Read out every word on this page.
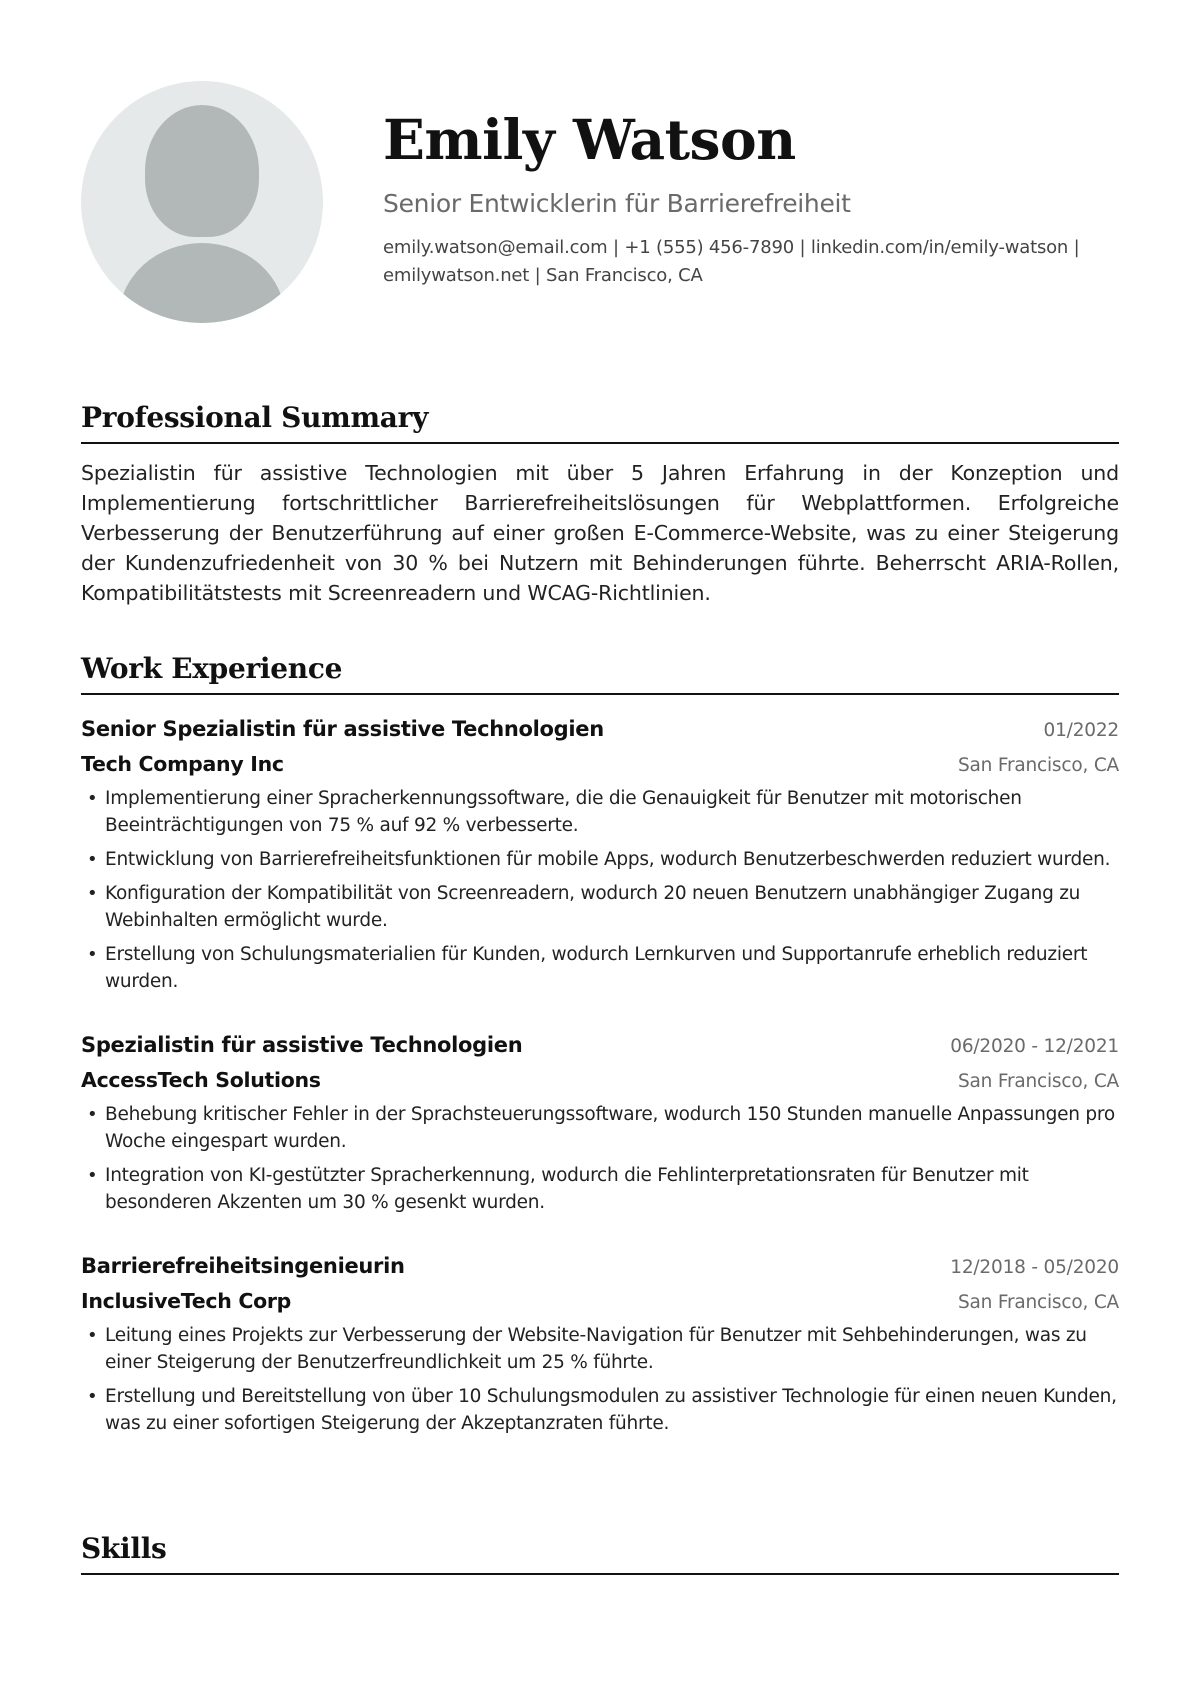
Emily Watson
Senior Entwicklerin für Barrierefreiheit
emily.watson@email.com | +1 (555) 456-7890 | linkedin.com/in/emily-watson |
emilywatson.net | San Francisco, CA
Professional Summary

Spezialistin für assistive Technologien mit über 5 Jahren Erfahrung in der Konzeption und Implementierung fortschrittlicher Barrierefreiheitslösungen für Webplattformen. Erfolgreiche Verbesserung der Benutzerführung auf einer großen E-Commerce-Website, was zu einer Steigerung der Kundenzufriedenheit von 30 % bei Nutzern mit Behinderungen führte. Beherrscht ARIA-Rollen, Kompatibilitätstests mit Screenreadern und WCAG-Richtlinien.

Work Experience
Senior Spezialistin für assistive Technologien	01/2022
Tech Company Inc	San Francisco, CA
• Implementierung einer Spracherkennungssoftware, die die Genauigkeit für Benutzer mit motorischen Beeinträchtigungen von 75 % auf 92 % verbesserte.
• Entwicklung von Barrierefreiheitsfunktionen für mobile Apps, wodurch Benutzerbeschwerden reduziert wurden.
• Konfiguration der Kompatibilität von Screenreadern, wodurch 20 neuen Benutzern unabhängiger Zugang zu Webinhalten ermöglicht wurde.
• Erstellung von Schulungsmaterialien für Kunden, wodurch Lernkurven und Supportanrufe erheblich reduziert wurden.
Spezialistin für assistive Technologien	06/2020 - 12/2021
AccessTech Solutions	San Francisco, CA
• Behebung kritischer Fehler in der Sprachsteuerungssoftware, wodurch 150 Stunden manuelle Anpassungen pro Woche eingespart wurden.
• Integration von KI-gestützter Spracherkennung, wodurch die Fehlinterpretationsraten für Benutzer mit besonderen Akzenten um 30 % gesenkt wurden.
Barrierefreiheitsingenieurin	12/2018 - 05/2020
InclusiveTech Corp	San Francisco, CA
• Leitung eines Projekts zur Verbesserung der Website-Navigation für Benutzer mit Sehbehinderungen, was zu einer Steigerung der Benutzerfreundlichkeit um 25 % führte.
• Erstellung und Bereitstellung von über 10 Schulungsmodulen zu assistiver Technologie für einen neuen Kunden, was zu einer sofortigen Steigerung der Akzeptanzraten führte.
Skills
